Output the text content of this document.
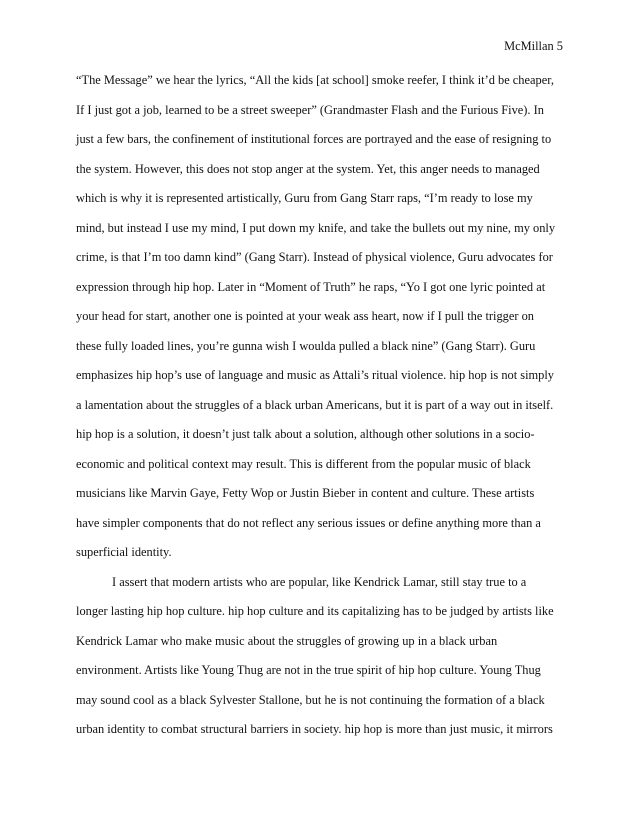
McMillan 5
“The Message” we hear the lyrics, “All the kids [at school] smoke reefer, I think it’d be cheaper,
If I just got a job, learned to be a street sweeper” (Grandmaster Flash and the Furious Five). In
just a few bars, the confinement of institutional forces are portrayed and the ease of resigning to
the system. However, this does not stop anger at the system. Yet, this anger needs to managed
which is why it is represented artistically, Guru from Gang Starr raps, “I’m ready to lose my
mind, but instead I use my mind, I put down my knife, and take the bullets out my nine, my only
crime, is that I’m too damn kind” (Gang Starr). Instead of physical violence, Guru advocates for
expression through hip hop. Later in “Moment of Truth” he raps, “Yo I got one lyric pointed at
your head for start, another one is pointed at your weak ass heart, now if I pull the trigger on
these fully loaded lines, you’re gunna wish I woulda pulled a black nine” (Gang Starr). Guru
emphasizes hip hop’s use of language and music as Attali’s ritual violence. hip hop is not simply
a lamentation about the struggles of a black urban Americans, but it is part of a way out in itself.
hip hop is a solution, it doesn’t just talk about a solution, although other solutions in a socio-
economic and political context may result. This is different from the popular music of black
musicians like Marvin Gaye, Fetty Wop or Justin Bieber in content and culture. These artists
have simpler components that do not reflect any serious issues or define anything more than a
superficial identity.
I assert that modern artists who are popular, like Kendrick Lamar, still stay true to a
longer lasting hip hop culture. hip hop culture and its capitalizing has to be judged by artists like
Kendrick Lamar who make music about the struggles of growing up in a black urban
environment. Artists like Young Thug are not in the true spirit of hip hop culture. Young Thug
may sound cool as a black Sylvester Stallone, but he is not continuing the formation of a black
urban identity to combat structural barriers in society. hip hop is more than just music, it mirrors
